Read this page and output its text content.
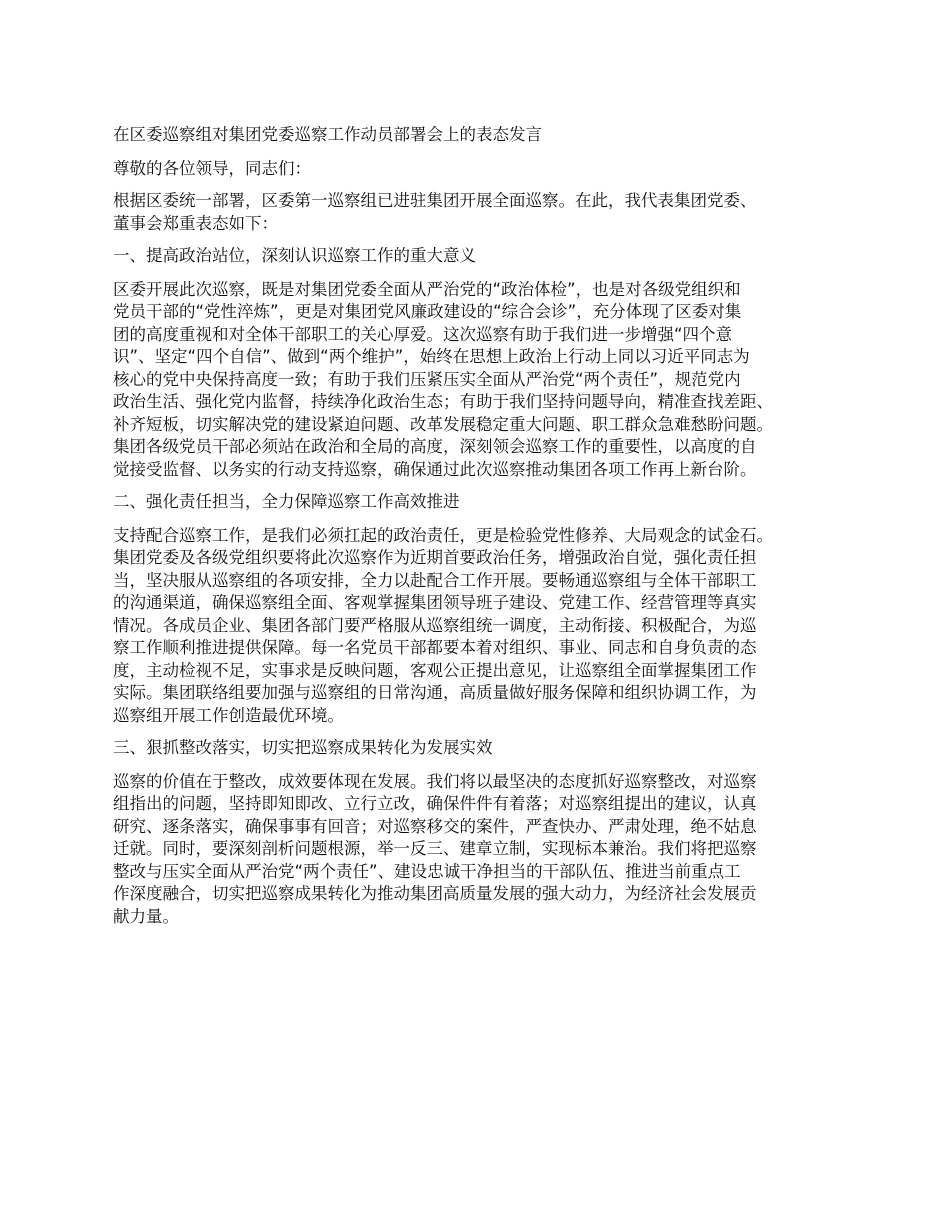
在区委巡察组对集团党委巡察工作动员部署会上的表态发言

尊敬的各位领导，同志们：

根据区委统一部署，区委第一巡察组已进驻集团开展全面巡察。在此，我代表集团党委、
董事会郑重表态如下：

一、提高政治站位，深刻认识巡察工作的重大意义

区委开展此次巡察，既是对集团党委全面从严治党的“政治体检”，也是对各级党组织和
党员干部的“党性淬炼”，更是对集团党风廉政建设的“综合会诊”，充分体现了区委对集
团的高度重视和对全体干部职工的关心厚爱。这次巡察有助于我们进一步增强“四个意
识”、坚定“四个自信”、做到“两个维护”，始终在思想上政治上行动上同以习近平同志为
核心的党中央保持高度一致；有助于我们压紧压实全面从严治党“两个责任”，规范党内
政治生活、强化党内监督，持续净化政治生态；有助于我们坚持问题导向，精准查找差距、
补齐短板，切实解决党的建设紧迫问题、改革发展稳定重大问题、职工群众急难愁盼问题。
集团各级党员干部必须站在政治和全局的高度，深刻领会巡察工作的重要性，以高度的自
觉接受监督、以务实的行动支持巡察，确保通过此次巡察推动集团各项工作再上新台阶。

二、强化责任担当，全力保障巡察工作高效推进

支持配合巡察工作，是我们必须扛起的政治责任，更是检验党性修养、大局观念的试金石。
集团党委及各级党组织要将此次巡察作为近期首要政治任务，增强政治自觉，强化责任担
当，坚决服从巡察组的各项安排，全力以赴配合工作开展。要畅通巡察组与全体干部职工
的沟通渠道，确保巡察组全面、客观掌握集团领导班子建设、党建工作、经营管理等真实
情况。各成员企业、集团各部门要严格服从巡察组统一调度，主动衔接、积极配合，为巡
察工作顺利推进提供保障。每一名党员干部都要本着对组织、事业、同志和自身负责的态
度，主动检视不足，实事求是反映问题，客观公正提出意见，让巡察组全面掌握集团工作
实际。集团联络组要加强与巡察组的日常沟通，高质量做好服务保障和组织协调工作，为
巡察组开展工作创造最优环境。

三、狠抓整改落实，切实把巡察成果转化为发展实效

巡察的价值在于整改，成效要体现在发展。我们将以最坚决的态度抓好巡察整改，对巡察
组指出的问题，坚持即知即改、立行立改，确保件件有着落；对巡察组提出的建议，认真
研究、逐条落实，确保事事有回音；对巡察移交的案件，严查快办、严肃处理，绝不姑息
迁就。同时，要深刻剖析问题根源，举一反三、建章立制，实现标本兼治。我们将把巡察
整改与压实全面从严治党“两个责任”、建设忠诚干净担当的干部队伍、推进当前重点工
作深度融合，切实把巡察成果转化为推动集团高质量发展的强大动力，为经济社会发展贡
献力量。
